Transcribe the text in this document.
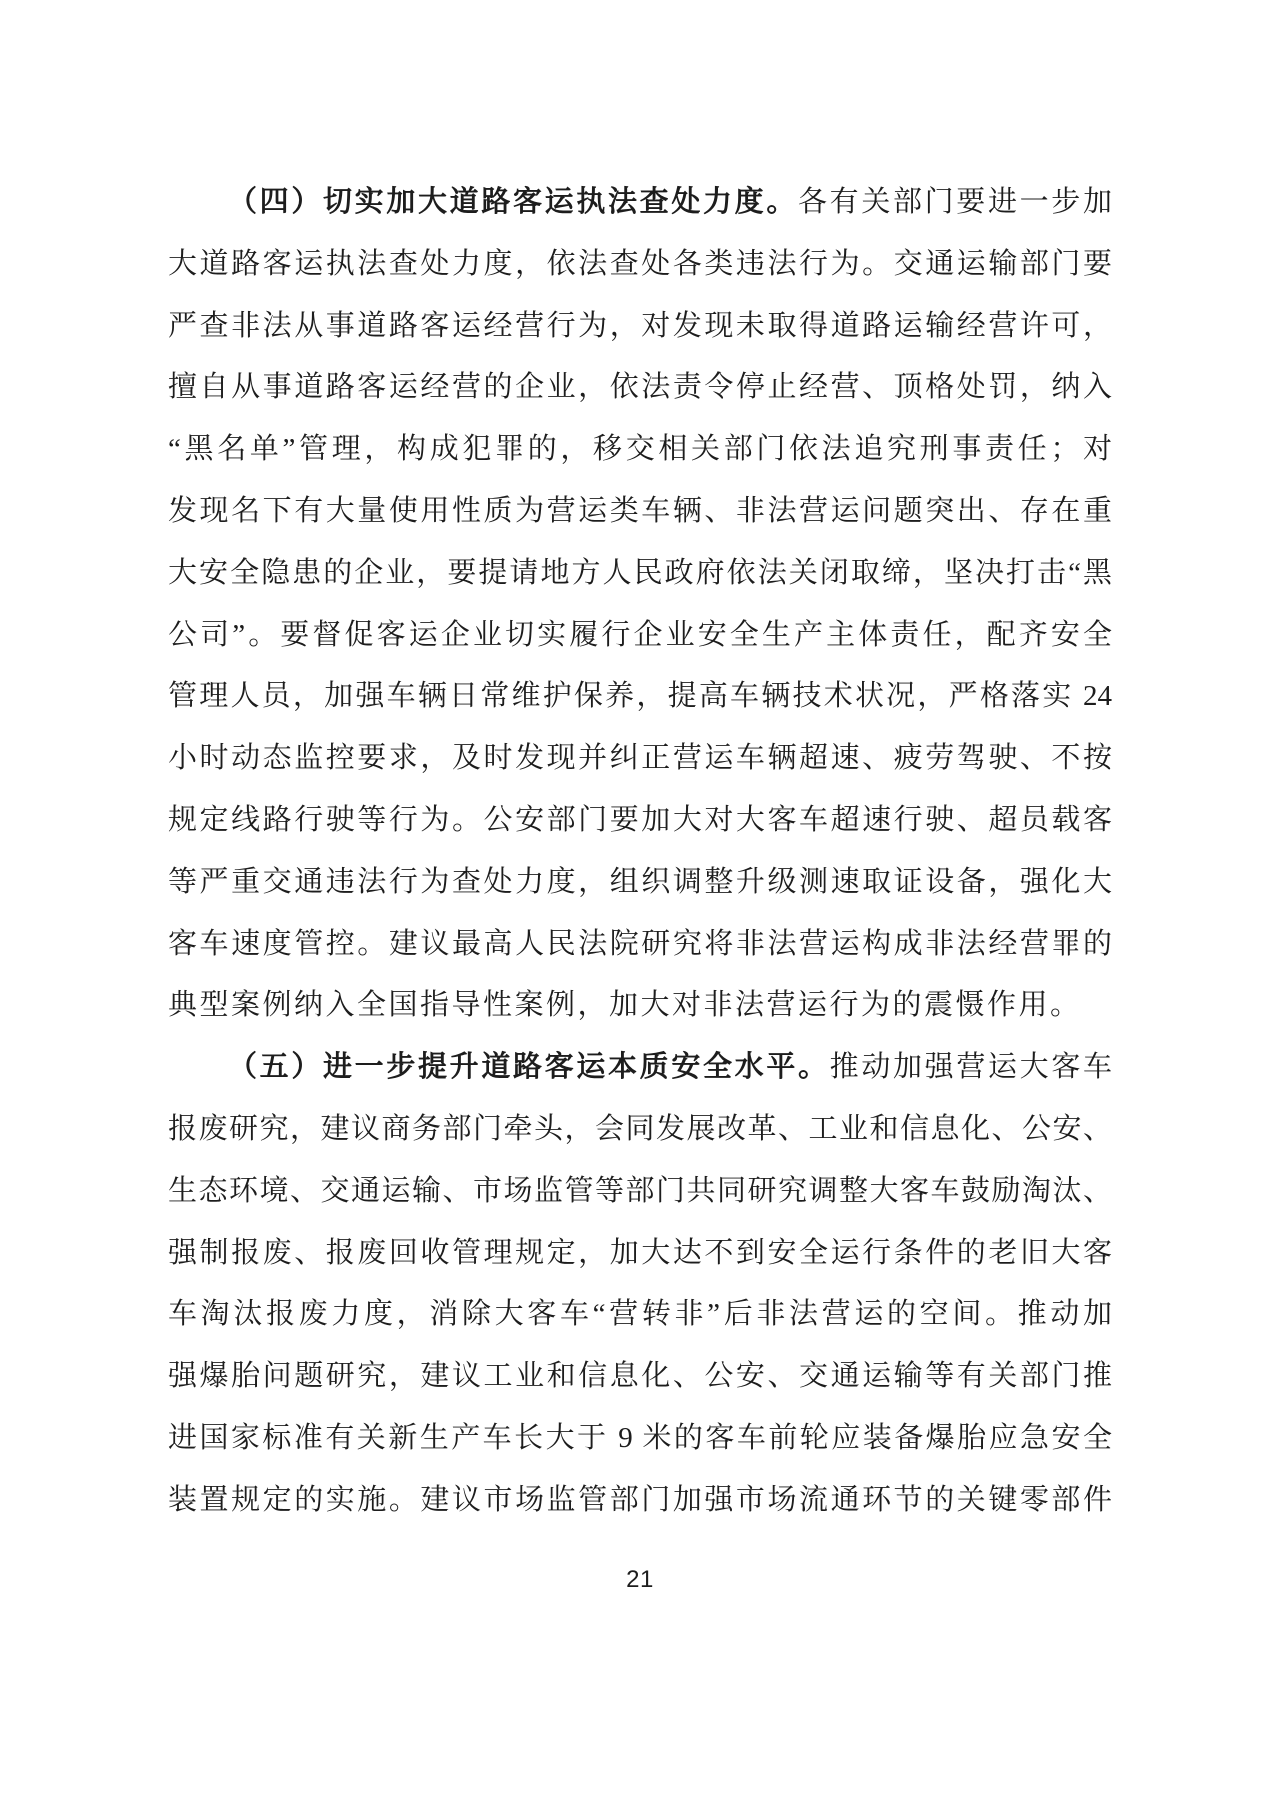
（四）切实加大道路客运执法查处力度。各有关部门要进一步加
大道路客运执法查处力度，依法查处各类违法行为。交通运输部门要
严查非法从事道路客运经营行为，对发现未取得道路运输经营许可，
擅自从事道路客运经营的企业，依法责令停止经营、顶格处罚，纳入
“黑名单”管理，构成犯罪的，移交相关部门依法追究刑事责任；对
发现名下有大量使用性质为营运类车辆、非法营运问题突出、存在重
大安全隐患的企业，要提请地方人民政府依法关闭取缔，坚决打击“黑
公司”。要督促客运企业切实履行企业安全生产主体责任，配齐安全
管理人员，加强车辆日常维护保养，提高车辆技术状况，严格落实 24
小时动态监控要求，及时发现并纠正营运车辆超速、疲劳驾驶、不按
规定线路行驶等行为。公安部门要加大对大客车超速行驶、超员载客
等严重交通违法行为查处力度，组织调整升级测速取证设备，强化大
客车速度管控。建议最高人民法院研究将非法营运构成非法经营罪的
典型案例纳入全国指导性案例，加大对非法营运行为的震慑作用。
（五）进一步提升道路客运本质安全水平。推动加强营运大客车
报废研究，建议商务部门牵头，会同发展改革、工业和信息化、公安、
生态环境、交通运输、市场监管等部门共同研究调整大客车鼓励淘汰、
强制报废、报废回收管理规定，加大达不到安全运行条件的老旧大客
车淘汰报废力度，消除大客车“营转非”后非法营运的空间。推动加
强爆胎问题研究，建议工业和信息化、公安、交通运输等有关部门推
进国家标准有关新生产车长大于 9 米的客车前轮应装备爆胎应急安全
装置规定的实施。建议市场监管部门加强市场流通环节的关键零部件
21
